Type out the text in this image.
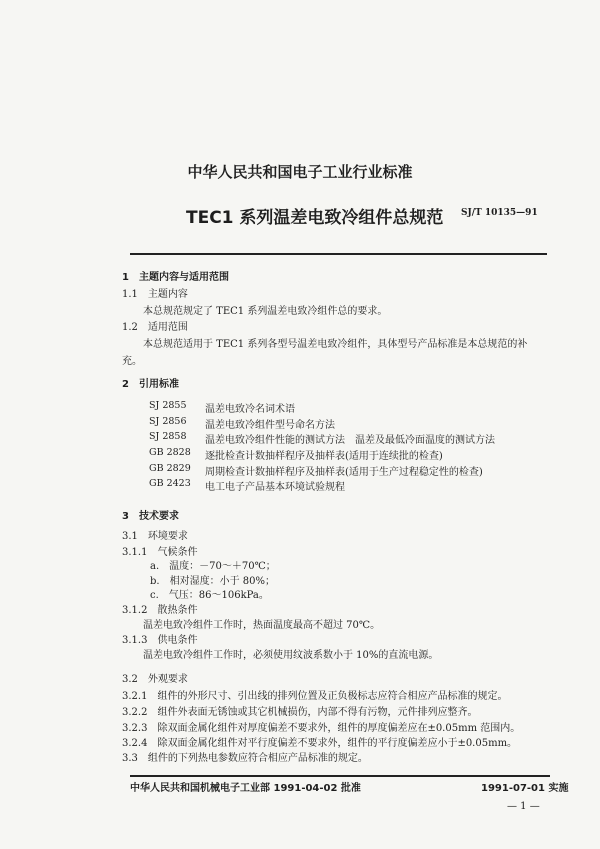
中华人民共和国电子工业行业标准
TEC1 系列温差电致冷组件总规范 SJ/T 10135—91
1　主题内容与适用范围
1.1　主题内容
本总规范规定了 TEC1 系列温差电致冷组件总的要求。
1.2　适用范围
本总规范适用于 TEC1 系列各型号温差电致冷组件，具体型号产品标准是本总规范的补
充。
2　引用标准
SJ 2855 温差电致冷名词术语
SJ 2856 温差电致冷组件型号命名方法
SJ 2858 温差电致冷组件性能的测试方法　温差及最低冷面温度的测试方法
GB 2828 逐批检查计数抽样程序及抽样表(适用于连续批的检查)
GB 2829 周期检查计数抽样程序及抽样表(适用于生产过程稳定性的检查)
GB 2423 电工电子产品基本环境试验规程
3　技术要求
3.1　环境要求
3.1.1　气候条件
a.　温度：－70～＋70℃；
b.　相对湿度：小于 80%；
c.　气压：86～106kPa。
3.1.2　散热条件
温差电致冷组件工作时，热面温度最高不超过 70℃。
3.1.3　供电条件
温差电致冷组件工作时，必须使用纹波系数小于 10%的直流电源。
3.2　外观要求
3.2.1　组件的外形尺寸、引出线的排列位置及正负极标志应符合相应产品标准的规定。
3.2.2　组件外表面无锈蚀或其它机械损伤，内部不得有污物，元件排列应整齐。
3.2.3　除双面金属化组件对厚度偏差不要求外，组件的厚度偏差应在±0.05mm 范围内。
3.2.4　除双面金属化组件对平行度偏差不要求外，组件的平行度偏差应小于±0.05mm。
3.3　组件的下列热电参数应符合相应产品标准的规定。
中华人民共和国机械电子工业部 1991-04-02 批准	1991-07-01 实施
— 1 —
